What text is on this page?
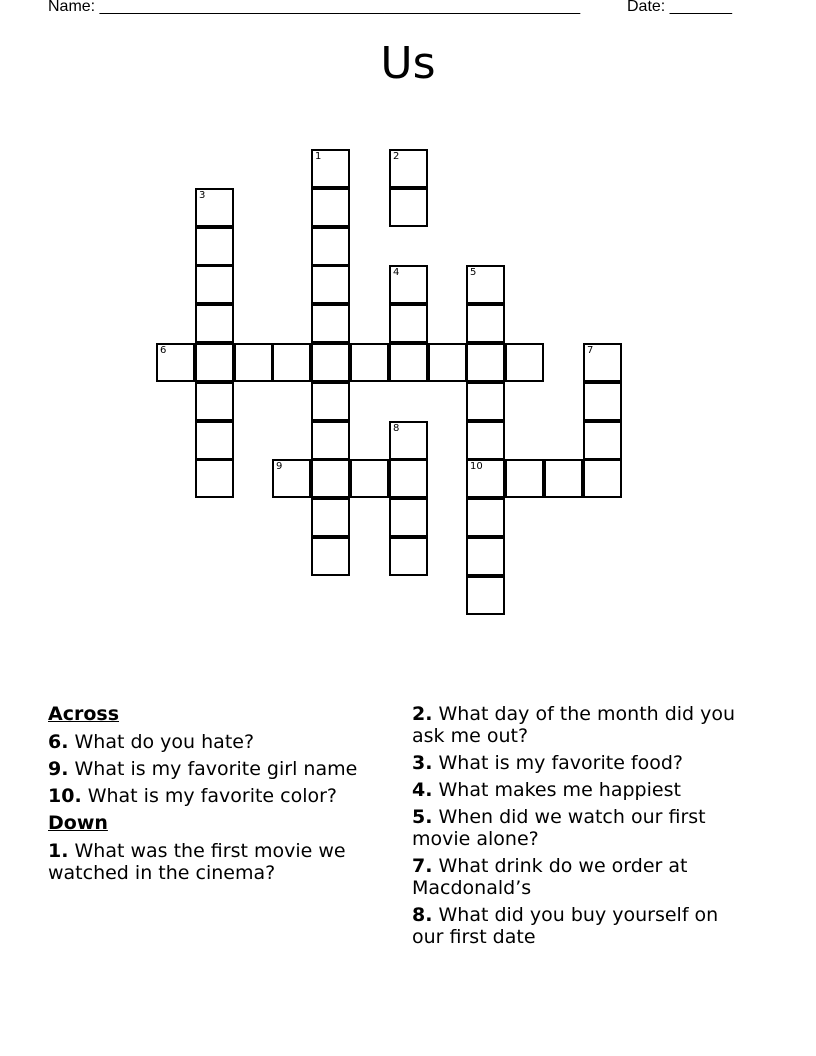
Name: ______________________________________________________	Date: _______
Us
1	2
3
4	5
6	7
8
9	10
Across
6. What do you hate?
9. What is my favorite girl name
10. What is my favorite color?
Down
1. What was the first movie we watched in the cinema?
2. What day of the month did you ask me out?
3. What is my favorite food?
4. What makes me happiest
5. When did we watch our first movie alone?
7. What drink do we order at Macdonald’s
8. What did you buy yourself on our first date
